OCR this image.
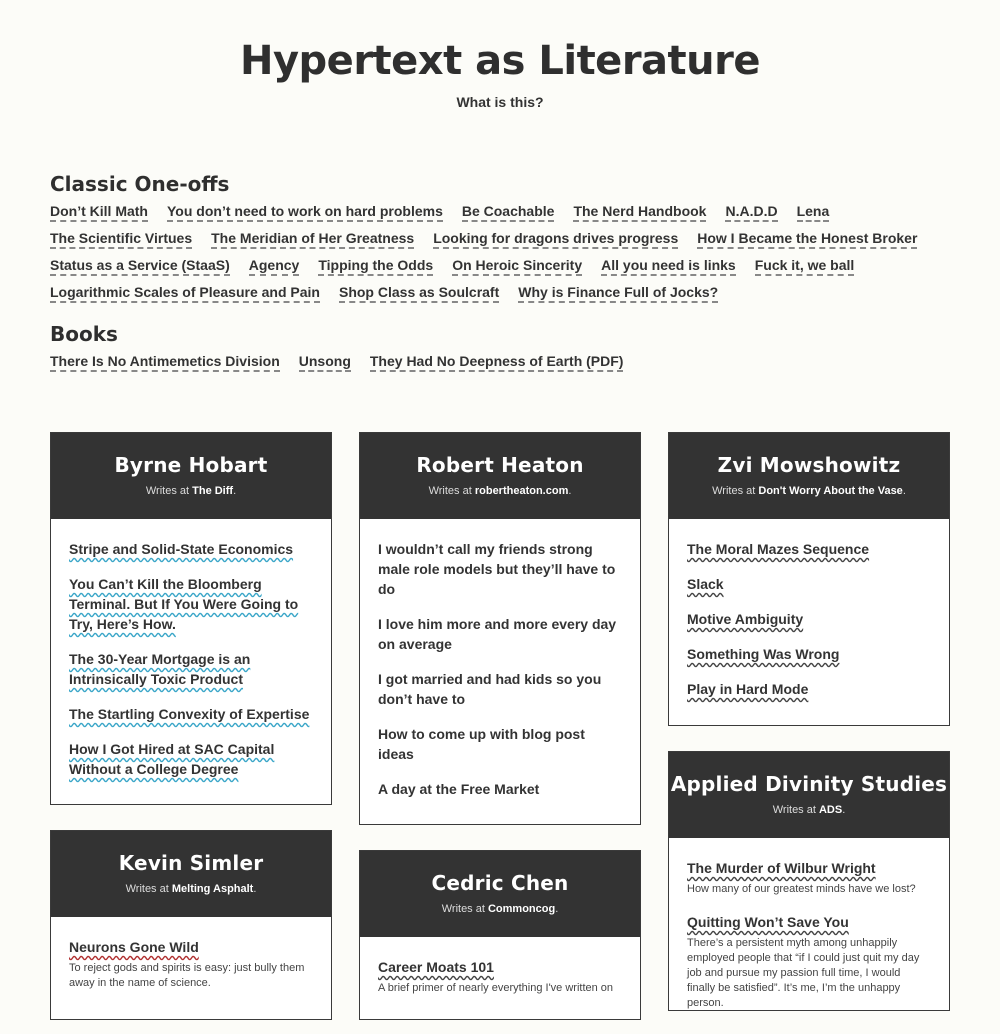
Hypertext as Literature
What is this?
Classic One-offs
Don’t Kill Math You don’t need to work on hard problems Be Coachable The Nerd Handbook N.A.D.D Lena
The Scientific Virtues The Meridian of Her Greatness Looking for dragons drives progress How I Became the Honest Broker
Status as a Service (StaaS) Agency Tipping the Odds On Heroic Sincerity All you need is links Fuck it, we ball
Logarithmic Scales of Pleasure and Pain Shop Class as Soulcraft Why is Finance Full of Jocks?
Books
There Is No Antimemetics Division Unsong They Had No Deepness of Earth (PDF)
Byrne Hobart
Writes at The Diff.
Stripe and Solid-State Economics
You Can’t Kill the Bloomberg Terminal. But If You Were Going to Try, Here’s How.
The 30-Year Mortgage is an Intrinsically Toxic Product
The Startling Convexity of Expertise
How I Got Hired at SAC Capital Without a College Degree
Robert Heaton
Writes at robertheaton.com.
I wouldn’t call my friends strong male role models but they’ll have to do
I love him more and more every day on average
I got married and had kids so you don’t have to
How to come up with blog post ideas
A day at the Free Market
Zvi Mowshowitz
Writes at Don't Worry About the Vase.
The Moral Mazes Sequence
Slack
Motive Ambiguity
Something Was Wrong
Play in Hard Mode
Applied Divinity Studies
Writes at ADS.
The Murder of Wilbur Wright
How many of our greatest minds have we lost?
Quitting Won’t Save You
There’s a persistent myth among unhappily employed people that “if I could just quit my day job and pursue my passion full time, I would finally be satisfied”. It’s me, I’m the unhappy person.
Kevin Simler
Writes at Melting Asphalt.
Neurons Gone Wild
To reject gods and spirits is easy: just bully them away in the name of science.
Cedric Chen
Writes at Commoncog.
Career Moats 101
A brief primer of nearly everything I've written on
